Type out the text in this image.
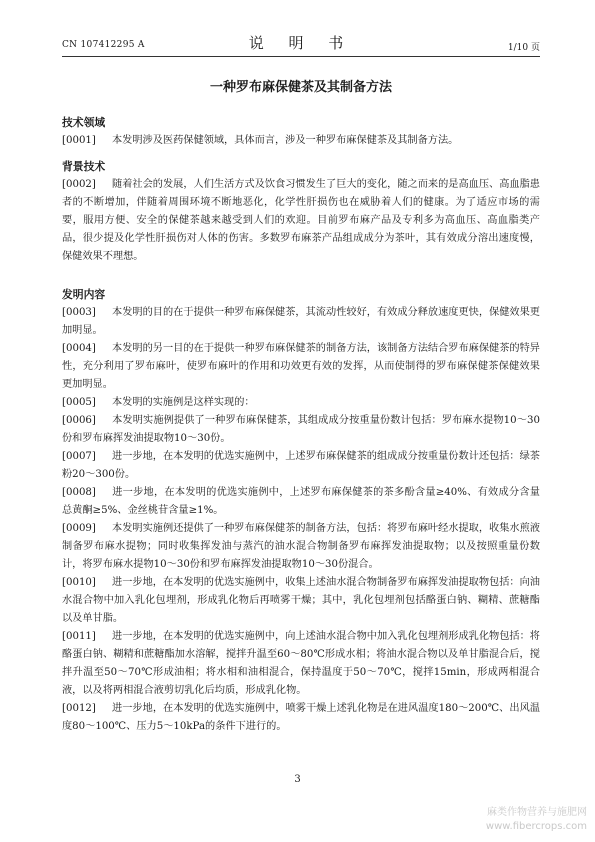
CN 107412295 A	说 明 书	1/10 页
一种罗布麻保健茶及其制备方法
技术领域
[0001] 本发明涉及医药保健领域，具体而言，涉及一种罗布麻保健茶及其制备方法。
背景技术
[0002] 随着社会的发展，人们生活方式及饮食习惯发生了巨大的变化，随之而来的是高血压、高血脂患者的不断增加，伴随着周围环境不断地恶化，化学性肝损伤也在威胁着人们的健康。为了适应市场的需要，服用方便、安全的保健茶越来越受到人们的欢迎。目前罗布麻产品及专利多为高血压、高血脂类产品，很少提及化学性肝损伤对人体的伤害。多数罗布麻茶产品组成成分为茶叶，其有效成分溶出速度慢，保健效果不理想。
发明内容
[0003] 本发明的目的在于提供一种罗布麻保健茶，其流动性较好，有效成分释放速度更快，保健效果更加明显。
[0004] 本发明的另一目的在于提供一种罗布麻保健茶的制备方法，该制备方法结合罗布麻保健茶的特异性，充分利用了罗布麻叶，使罗布麻叶的作用和功效更有效的发挥，从而使制得的罗布麻保健茶保健效果更加明显。
[0005] 本发明的实施例是这样实现的：
[0006] 本发明实施例提供了一种罗布麻保健茶，其组成成分按重量份数计包括：罗布麻水提物10～30份和罗布麻挥发油提取物10～30份。
[0007] 进一步地，在本发明的优选实施例中，上述罗布麻保健茶的组成成分按重量份数计还包括：绿茶粉20～300份。
[0008] 进一步地，在本发明的优选实施例中，上述罗布麻保健茶的茶多酚含量≥40%、有效成分含量总黄酮≥5%、金丝桃苷含量≥1%。
[0009] 本发明实施例还提供了一种罗布麻保健茶的制备方法，包括：将罗布麻叶经水提取，收集水煎液制备罗布麻水提物；同时收集挥发油与蒸汽的油水混合物制备罗布麻挥发油提取物；以及按照重量份数计，将罗布麻水提物10～30份和罗布麻挥发油提取物10～30份混合。
[0010] 进一步地，在本发明的优选实施例中，收集上述油水混合物制备罗布麻挥发油提取物包括：向油水混合物中加入乳化包埋剂，形成乳化物后再喷雾干燥；其中，乳化包埋剂包括酪蛋白钠、糊精、蔗糖酯以及单甘脂。
[0011] 进一步地，在本发明的优选实施例中，向上述油水混合物中加入乳化包埋剂形成乳化物包括：将酪蛋白钠、糊精和蔗糖酯加水溶解，搅拌升温至60～80℃形成水相；将油水混合物以及单甘脂混合后，搅拌升温至50～70℃形成油相；将水相和油相混合，保持温度于50～70℃，搅拌15min，形成两相混合液，以及将两相混合液剪切乳化后均质，形成乳化物。
[0012] 进一步地，在本发明的优选实施例中，喷雾干燥上述乳化物是在进风温度180～200℃、出风温度80～100℃、压力5～10kPa的条件下进行的。
3
麻类作物营养与施肥网
www.fibercrops.com
